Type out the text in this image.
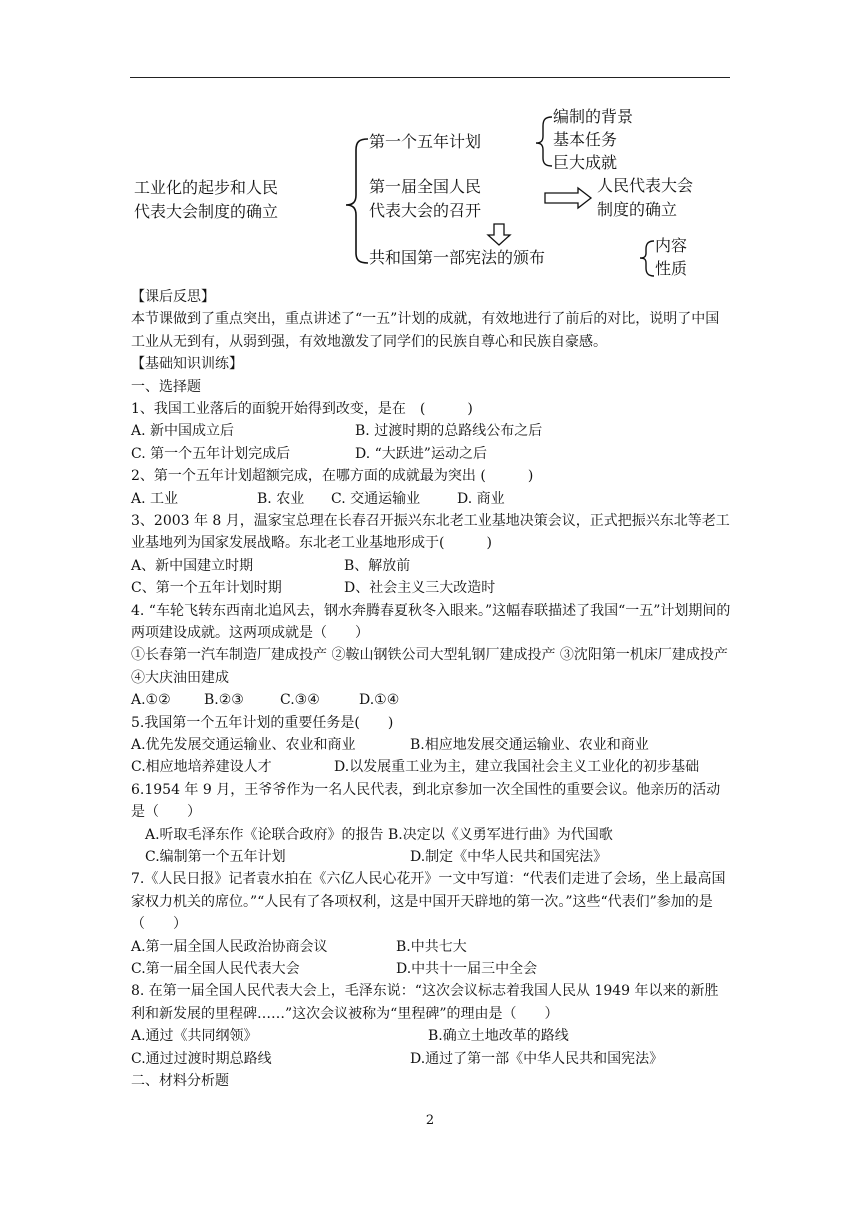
工业化的起步和人民
代表大会制度的确立
第一个五年计划
编制的背景
基本任务
巨大成就
第一届全国人民
代表大会的召开
人民代表大会
制度的确立
共和国第一部宪法的颁布
内容
性质
【课后反思】
本节课做到了重点突出，重点讲述了“一五”计划的成就，有效地进行了前后的对比，说明了中国工业从无到有，从弱到强，有效地激发了同学们的民族自尊心和民族自豪感。
【基础知识训练】
一、选择题
1、我国工业落后的面貌开始得到改变，是在　(　　　)
A. 新中国成立后	B. 过渡时期的总路线公布之后
C. 第一个五年计划完成后	D. “大跃进”运动之后
2、第一个五年计划超额完成，在哪方面的成就最为突出 (　　　)
A. 工业	B. 农业 C. 交通运输业	D. 商业
3、2003 年 8 月，温家宝总理在长春召开振兴东北老工业基地决策会议，正式把振兴东北等老工业基地列为国家发展战略。东北老工业基地形成于(　　　)
A、新中国建立时期	B、解放前
C、第一个五年计划时期	D、社会主义三大改造时
4. “车轮飞转东西南北追风去，钢水奔腾春夏秋冬入眼来。”这幅春联描述了我国“一五”计划期间的两项建设成就。这两项成就是（　　）
①长春第一汽车制造厂建成投产 ②鞍山钢铁公司大型轧钢厂建成投产 ③沈阳第一机床厂建成投产 ④大庆油田建成
A.①② B.②③	C.③④	D.①④
5.我国第一个五年计划的重要任务是(　　)
A.优先发展交通运输业、农业和商业	B.相应地发展交通运输业、农业和商业
C.相应地培养建设人才	D.以发展重工业为主，建立我国社会主义工业化的初步基础
6.1954 年 9 月，王爷爷作为一名人民代表，到北京参加一次全国性的重要会议。他亲历的活动是（　　）
A.听取毛泽东作《论联合政府》的报告 B.决定以《义勇军进行曲》为代国歌
C.编制第一个五年计划	D.制定《中华人民共和国宪法》
7.《人民日报》记者袁水拍在《六亿人民心花开》一文中写道：“代表们走进了会场，坐上最高国家权力机关的席位。”“人民有了各项权利，这是中国开天辟地的第一次。”这些“代表们”参加的是（　　）
A.第一届全国人民政治协商会议	B.中共七大
C.第一届全国人民代表大会	D.中共十一届三中全会
8. 在第一届全国人民代表大会上，毛泽东说：“这次会议标志着我国人民从 1949 年以来的新胜利和新发展的里程碑……”这次会议被称为“里程碑”的理由是（　　）
A.通过《共同纲领》	B.确立土地改革的路线
C.通过过渡时期总路线	D.通过了第一部《中华人民共和国宪法》
二、材料分析题
2
